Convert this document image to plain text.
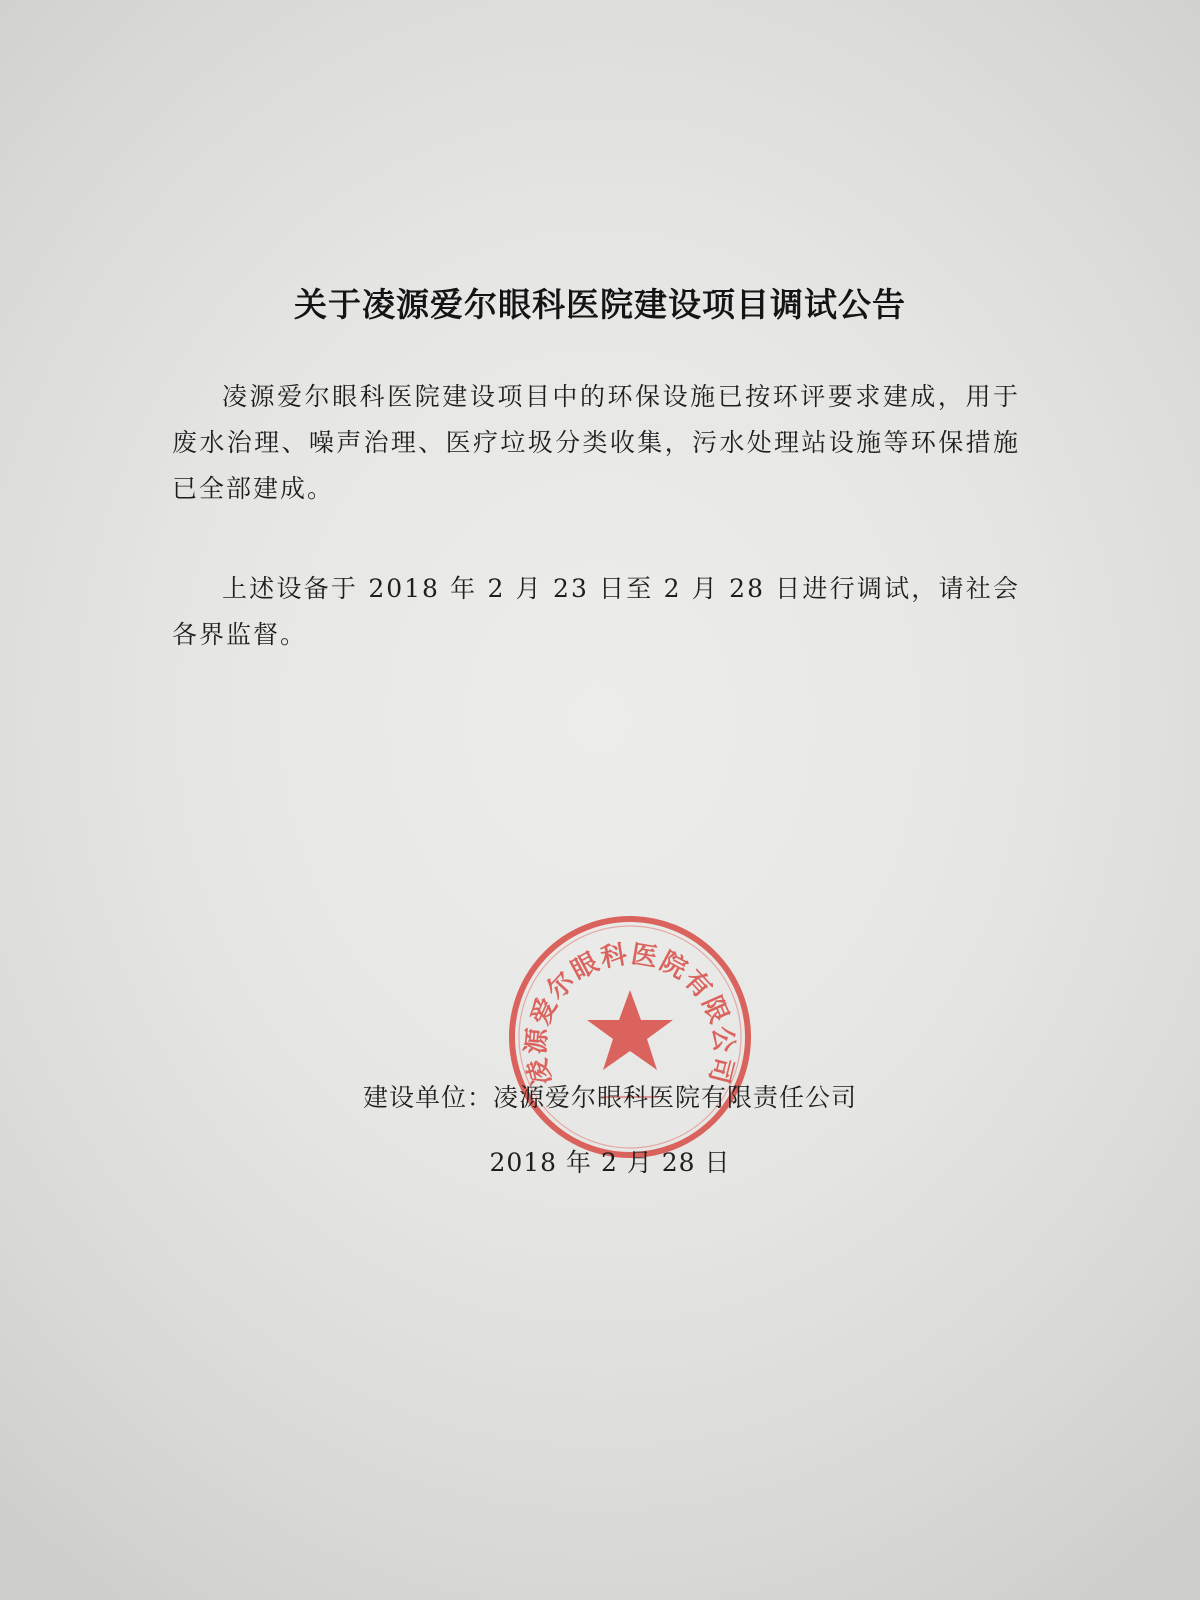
关于凌源爱尔眼科医院建设项目调试公告

凌源爱尔眼科医院建设项目中的环保设施已按环评要求建成，用于废水治理、噪声治理、医疗垃圾分类收集，污水处理站设施等环保措施已全部建成。

上述设备于 2018 年 2 月 23 日至 2 月 28 日进行调试，请社会各界监督。

凌源爱尔眼科医院有限公司
建设单位：凌源爱尔眼科医院有限责任公司
2018 年 2 月 28 日
